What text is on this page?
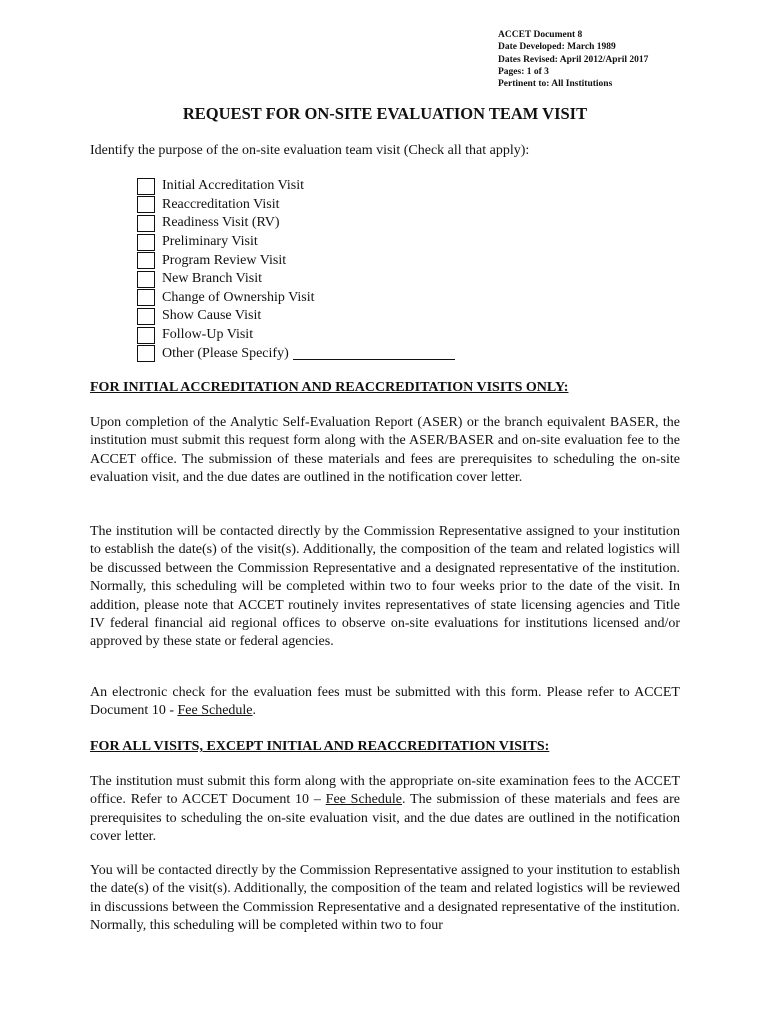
ACCET Document 8
Date Developed: March 1989
Dates Revised: April 2012/April 2017
Pages: 1 of 3
Pertinent to: All Institutions
REQUEST FOR ON-SITE EVALUATION TEAM VISIT
Identify the purpose of the on-site evaluation team visit (Check all that apply):
Initial Accreditation Visit
Reaccreditation Visit
Readiness Visit (RV)
Preliminary Visit
Program Review Visit
New Branch Visit
Change of Ownership Visit
Show Cause Visit
Follow-Up Visit
Other (Please Specify)
FOR INITIAL ACCREDITATION AND REACCREDITATION VISITS ONLY:

Upon completion of the Analytic Self-Evaluation Report (ASER) or the branch equivalent BASER, the institution must submit this request form along with the ASER/BASER and on-site evaluation fee to the ACCET office. The submission of these materials and fees are prerequisites to scheduling the on-site evaluation visit, and the due dates are outlined in the notification cover letter.

The institution will be contacted directly by the Commission Representative assigned to your institution to establish the date(s) of the visit(s). Additionally, the composition of the team and related logistics will be discussed between the Commission Representative and a designated representative of the institution. Normally, this scheduling will be completed within two to four weeks prior to the date of the visit. In addition, please note that ACCET routinely invites representatives of state licensing agencies and Title IV federal financial aid regional offices to observe on-site evaluations for institutions licensed and/or approved by these state or federal agencies.

An electronic check for the evaluation fees must be submitted with this form. Please refer to ACCET Document 10 - Fee Schedule.

FOR ALL VISITS, EXCEPT INITIAL AND REACCREDITATION VISITS:

The institution must submit this form along with the appropriate on-site examination fees to the ACCET office. Refer to ACCET Document 10 – Fee Schedule. The submission of these materials and fees are prerequisites to scheduling the on-site evaluation visit, and the due dates are outlined in the notification cover letter.

You will be contacted directly by the Commission Representative assigned to your institution to establish the date(s) of the visit(s). Additionally, the composition of the team and related logistics will be reviewed in discussions between the Commission Representative and a designated representative of the institution. Normally, this scheduling will be completed within two to four
